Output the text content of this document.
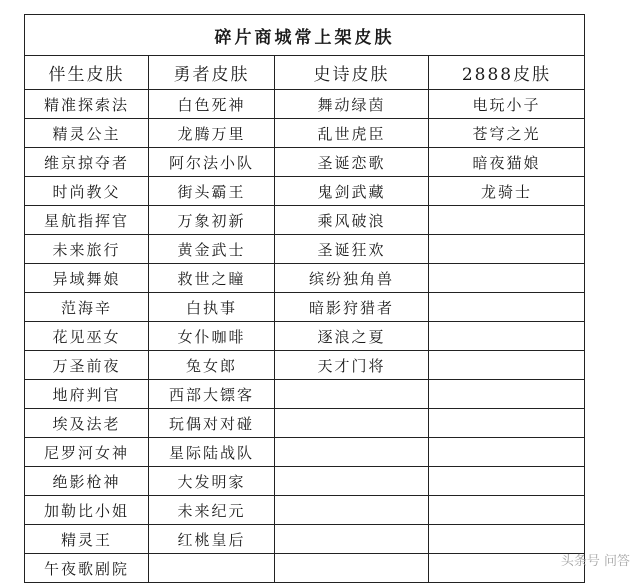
碎片商城常上架皮肤			
伴生皮肤	勇者皮肤	史诗皮肤	2888皮肤
精准探索法	白色死神	舞动绿茵	电玩小子
精灵公主	龙腾万里	乱世虎臣	苍穹之光
维京掠夺者	阿尔法小队	圣诞恋歌	暗夜猫娘
时尚教父	街头霸王	鬼剑武藏	龙骑士
星航指挥官	万象初新	乘风破浪	
未来旅行	黄金武士	圣诞狂欢	
异域舞娘	救世之瞳	缤纷独角兽	
范海辛	白执事	暗影狩猎者	
花见巫女	女仆咖啡	逐浪之夏	
万圣前夜	兔女郎	天才门将	
地府判官	西部大镖客		
埃及法老	玩偶对对碰		
尼罗河女神	星际陆战队		
绝影枪神	大发明家		
加勒比小姐	未来纪元		
精灵王	红桃皇后		
午夜歌剧院				头条号 问答
